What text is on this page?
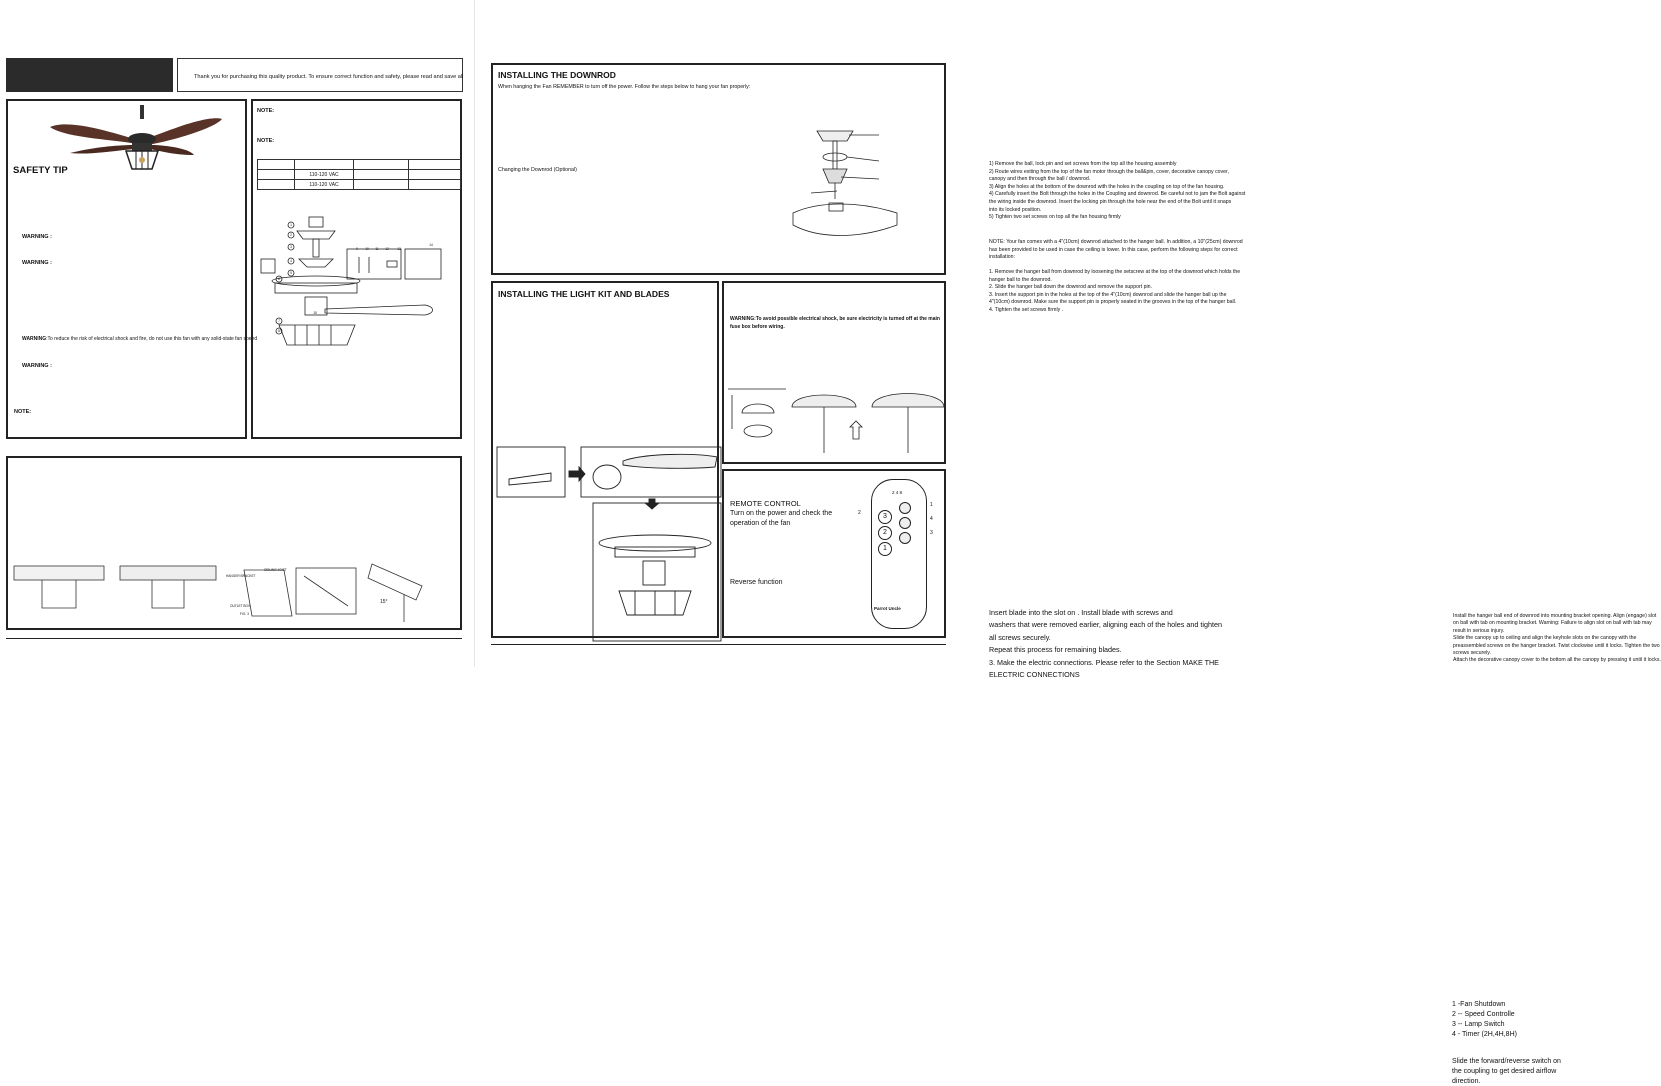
Thank you for purchasing this quality product. To ensure correct function and safety, please read and save all
SAFETY TIP
WARNING :
WARNING :
WARNING:To reduce the risk of electrical shock and fire, do not use this fan with any solid-state fan speed
WARNING :
NOTE:
NOTE:
NOTE:

	110-120 VAC		
	110-120 VAC		
1
2
3
4
5
6
7
8
9	10	11	12	13
14
15
HANGER BRACKET
CEILING JOIST
OUTLET BOX
FIG. 3
15°
INSTALLING THE DOWNROD
When hanging the Fan REMEMBER to turn off the power. Follow the steps below to hang your fan properly:
1) Remove the ball, lock pin and set screws from the top all the housing assembly
2) Route wires exiting from the top of the fan motor through the ball&pin, cover, decorative canopy cover,
canopy and then through the ball / downrod.
3) Align the holes at the bottom of the downrod with the holes in the coupling on top of the fan housing.
4) Carefully insert the Bolt through the holes in the Coupling and downrod. Be careful not to jam the Bolt against
the wiring inside the downrod. Insert the locking pin through the hole near the end of the Bolt until it snaps
into its locked position.
5) Tighten two set screws on top all the fan housing firmly
Changing the Downrod (Optional)
NOTE: Your fan comes with a 4"(10cm) downrod attached to the hanger ball. In addition, a 10"(25cm) downrod
has been provided to be used in case the ceiling is lower. In this case, perform the following steps for correct
installation:
1. Remove the hanger ball from downrod by loosening the setscrew at the top of the downrod which holds the
hanger ball to the downrod.
2. Slide the hanger ball down the downrod and remove the support pin.
3. Insert the support pin in the holes at the top of the 4"(10cm) downrod and slide the hanger ball up the
4"(10cm) downrod. Make sure the support pin is properly seated in the grooves in the top of the hanger ball.
4. Tighten the set screws firmly .
INSTALLING THE LIGHT KIT AND BLADES
Insert blade into the slot on . Install blade with screws and
washers that were removed earlier, aligning each of the holes and tighten
all screws securely.
Repeat this process for remaining blades.
3. Make the electric connections. Please refer to the Section MAKE THE
ELECTRIC CONNECTIONS
WARNING:To avoid possible electrical shock, be sure electricity is turned off at the main
fuse box before wiring.
Install the hanger ball end of downrod into mounting bracket opening. Align (engage) slot
on ball with tab on mounting bracket. Warning: Failure to align slot on ball with tab may
result in serious injury.
Slide the canopy up to ceiling and align the keyhole slots on the canopy with the
preassembled screws on the hanger bracket. Twist clockwise until it locks. Tighten the two
screws securely.
Attach the decorative canopy cover to the bottom all the canopy by pressing it until it locks.
REMOTE CONTROL
Turn on the power and check the
operation of the fan
1 -Fan Shutdown
2 -- Speed Controlle
3 -- Lamp Switch
4 - Timer (2H,4H,8H)
Reverse function
Slide the forward/reverse switch on
the coupling to get desired airflow
direction.
2 4 8
3
2
1
Parrot Uncle
1
2
3
4
